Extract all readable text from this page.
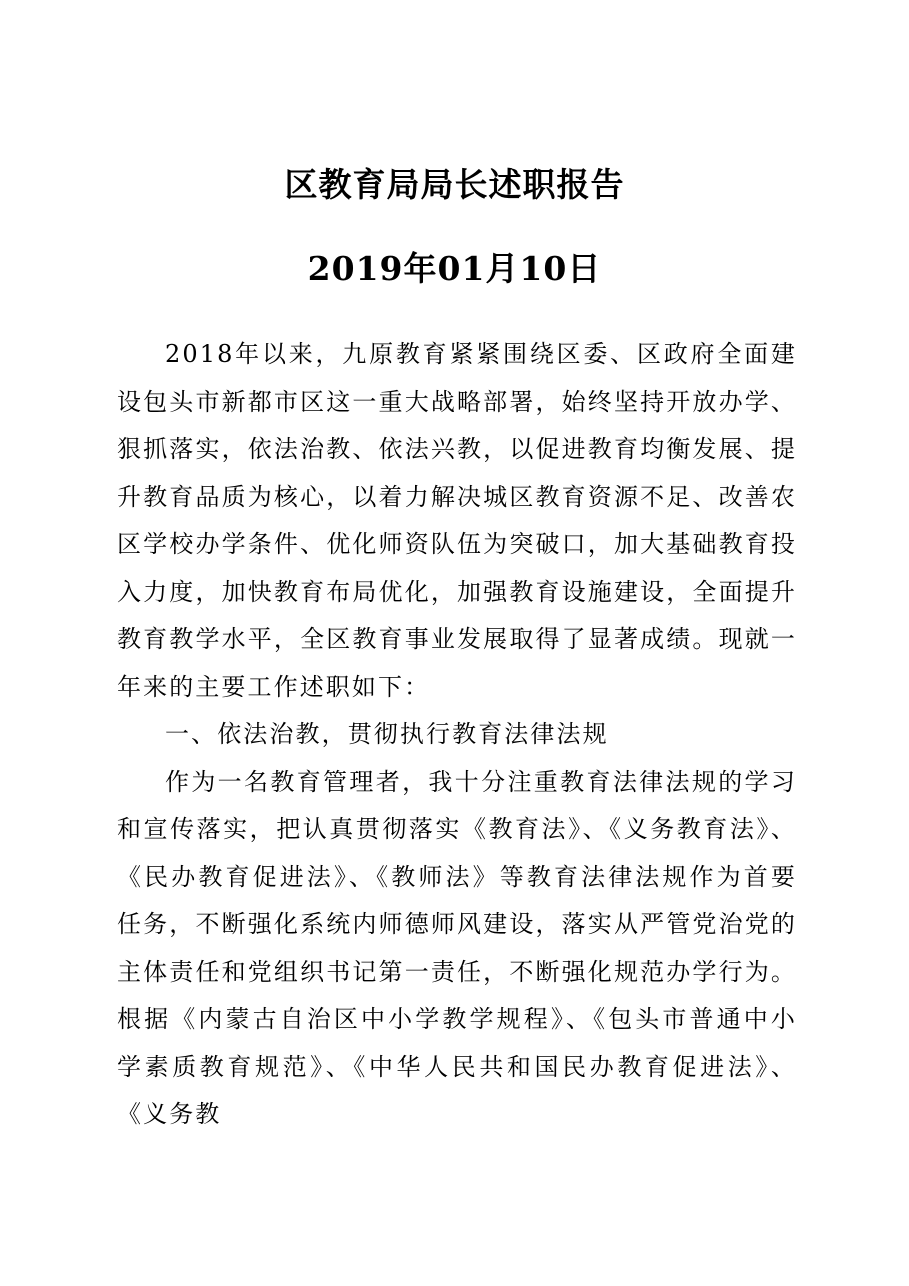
区教育局局长述职报告
2019年01月10日

2018年以来，九原教育紧紧围绕区委、区政府全面建设包头市新都市区这一重大战略部署，始终坚持开放办学、狠抓落实，依法治教、依法兴教，以促进教育均衡发展、提升教育品质为核心，以着力解决城区教育资源不足、改善农区学校办学条件、优化师资队伍为突破口，加大基础教育投入力度，加快教育布局优化，加强教育设施建设，全面提升教育教学水平，全区教育事业发展取得了显著成绩。现就一年来的主要工作述职如下：

一、依法治教，贯彻执行教育法律法规

作为一名教育管理者，我十分注重教育法律法规的学习和宣传落实，把认真贯彻落实《教育法》、《义务教育法》、《民办教育促进法》、《教师法》等教育法律法规作为首要任务，不断强化系统内师德师风建设，落实从严管党治党的主体责任和党组织书记第一责任，不断强化规范办学行为。根据《内蒙古自治区中小学教学规程》、《包头市普通中小学素质教育规范》、《中华人民共和国民办教育促进法》、《义务教
